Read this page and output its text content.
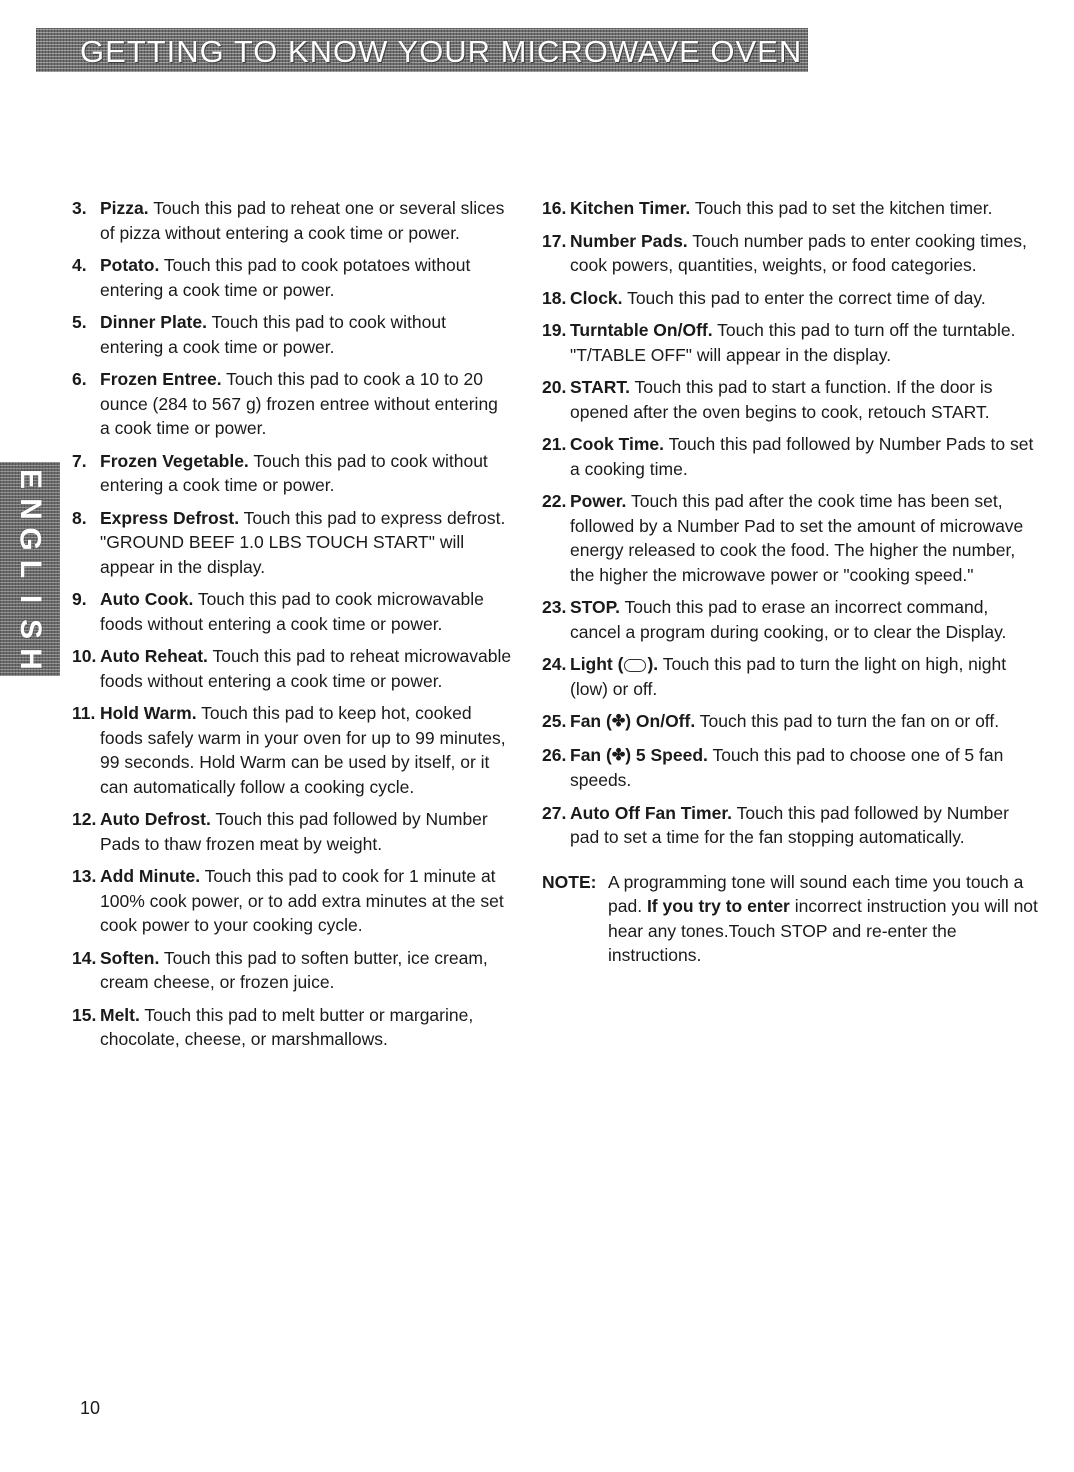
GETTING TO KNOW YOUR MICROWAVE OVEN
E
N
G
L
I
S
H
3. Pizza. Touch this pad to reheat one or several slices of pizza without entering a cook time or power.
4. Potato. Touch this pad to cook potatoes without entering a cook time or power.
5. Dinner Plate. Touch this pad to cook without entering a cook time or power.
6. Frozen Entree. Touch this pad to cook a 10 to 20 ounce (284 to 567 g) frozen entree without entering a cook time or power.
7. Frozen Vegetable. Touch this pad to cook without entering a cook time or power.
8. Express Defrost. Touch this pad to express defrost. "GROUND BEEF 1.0 LBS TOUCH START" will appear in the display.
9. Auto Cook. Touch this pad to cook microwavable foods without entering a cook time or power.
10. Auto Reheat. Touch this pad to reheat microwavable foods without entering a cook time or power.
11. Hold Warm. Touch this pad to keep hot, cooked foods safely warm in your oven for up to 99 minutes, 99 seconds. Hold Warm can be used by itself, or it can automatically follow a cooking cycle.
12. Auto Defrost. Touch this pad followed by Number Pads to thaw frozen meat by weight.
13. Add Minute. Touch this pad to cook for 1 minute at 100% cook power, or to add extra minutes at the set cook power to your cooking cycle.
14. Soften. Touch this pad to soften butter, ice cream, cream cheese, or frozen juice.
15. Melt. Touch this pad to melt butter or margarine, chocolate, cheese, or marshmallows.
16. Kitchen Timer. Touch this pad to set the kitchen timer.
17. Number Pads. Touch number pads to enter cooking times, cook powers, quantities, weights, or food categories.
18. Clock. Touch this pad to enter the correct time of day.
19. Turntable On/Off. Touch this pad to turn off the turntable. "T/TABLE OFF" will appear in the display.
20. START. Touch this pad to start a function. If the door is opened after the oven begins to cook, retouch START.
21. Cook Time. Touch this pad followed by Number Pads to set a cooking time.
22. Power. Touch this pad after the cook time has been set, followed by a Number Pad to set the amount of microwave energy released to cook the food. The higher the number, the higher the microwave power or "cooking speed."
23. STOP. Touch this pad to erase an incorrect command, cancel a program during cooking, or to clear the Display.
24. Light ( ). Touch this pad to turn the light on high, night (low) or off.
25. Fan (✤) On/Off. Touch this pad to turn the fan on or off.
26. Fan (✤) 5 Speed. Touch this pad to choose one of 5 fan speeds.
27. Auto Off Fan Timer. Touch this pad followed by Number pad to set a time for the fan stopping automatically.
NOTE: A programming tone will sound each time you touch a pad. If you try to enter incorrect instruction you will not hear any tones.Touch STOP and re-enter the instructions.
10
